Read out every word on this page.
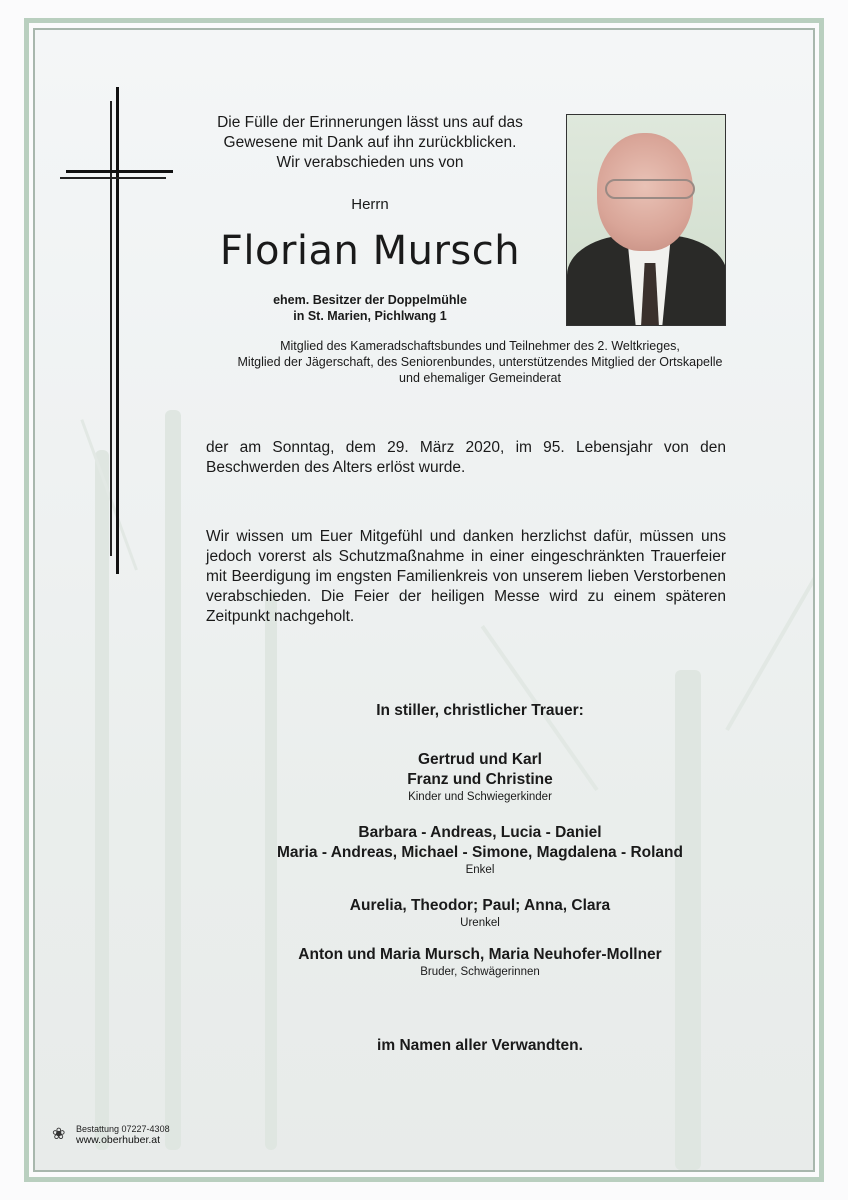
Die Fülle der Erinnerungen lässt uns auf das
Gewesene mit Dank auf ihn zurückblicken.
Wir verabschieden uns von
Herrn
Florian Mursch
ehem. Besitzer der Doppelmühle
in St. Marien, Pichlwang 1
Mitglied des Kameradschaftsbundes und Teilnehmer des 2. Weltkrieges,
Mitglied der Jägerschaft, des Seniorenbundes, unterstützendes Mitglied der Ortskapelle
und ehemaliger Gemeinderat
der am Sonntag, dem 29. März 2020, im 95. Lebensjahr von den Beschwerden des Alters erlöst wurde.
Wir wissen um Euer Mitgefühl und danken herzlichst dafür, müssen uns jedoch vorerst als Schutzmaßnahme in einer eingeschränkten Trauerfeier mit Beerdigung im engsten Familienkreis von unserem lieben Verstorbenen verabschieden. Die Feier der heiligen Messe wird zu einem späteren Zeitpunkt nachgeholt.
In stiller, christlicher Trauer:
Gertrud und Karl
Franz und Christine
Kinder und Schwiegerkinder
Barbara - Andreas, Lucia - Daniel
Maria - Andreas, Michael - Simone, Magdalena - Roland
Enkel
Aurelia, Theodor; Paul; Anna, Clara
Urenkel
Anton und Maria Mursch, Maria Neuhofer-Mollner
Bruder, Schwägerinnen
im Namen aller Verwandten.
❀	Bestattung 07227-4308
www.oberhuber.at
